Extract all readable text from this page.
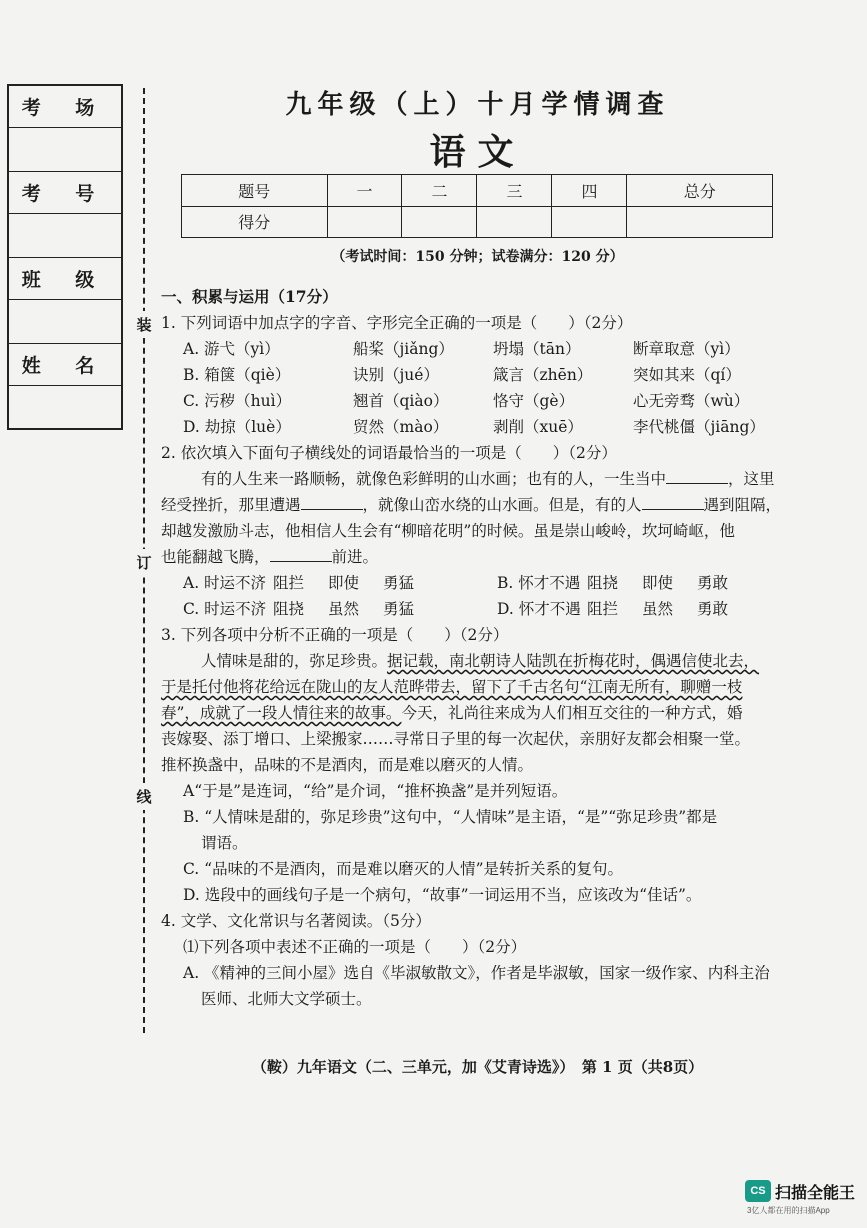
考 场
考 号
班 级
姓 名
装
订
线
九年级（上）十月学情调查
语文
题号	一	二	三	四	总分
得分					
（考试时间：150 分钟；试卷满分：120 分）
一、积累与运用（17分）
1. 下列词语中加点字的字音、字形完全正确的一项是（　　）（2分）
A. 游弋（yì）	船桨（jiǎng）	坍塌（tān）	断章取意（yì）
B. 箱箧（qiè）	诀别（jué）	箴言（zhēn）	突如其来（qí）
C. 污秽（huì）	翘首（qiào）	恪守（gè）	心无旁骛（wù）
D. 劫掠（luè）	贸然（mào）	剥削（xuē）	李代桃僵（jiāng）
2. 依次填入下面句子横线处的词语最恰当的一项是（　　）（2分）
有的人生来一路顺畅，就像色彩鲜明的山水画；也有的人，一生当中	，这里
经受挫折，那里遭遇	，就像山峦水绕的山水画。但是，有的人	遇到阻隔，
却越发激励斗志，他相信人生会有“柳暗花明”的时候。虽是崇山峻岭，坎坷崎岖，他
也能翻越飞腾，	前进。
A. 时运不济 阻拦	即使	勇猛	B. 怀才不遇 阻挠	即使	勇敢
C. 时运不济 阻挠	虽然	勇猛	D. 怀才不遇 阻拦	虽然	勇敢
3. 下列各项中分析不正确的一项是（　　）（2分）
人情味是甜的，弥足珍贵。据记载，南北朝诗人陆凯在折梅花时，偶遇信使北去，
于是托付他将花给远在陇山的友人范晔带去，留下了千古名句“江南无所有，聊赠一枝
春”，成就了一段人情往来的故事。今天，礼尚往来成为人们相互交往的一种方式，婚
丧嫁娶、添丁增口、上梁搬家……寻常日子里的每一次起伏，亲朋好友都会相聚一堂。
推杯换盏中，品味的不是酒肉，而是难以磨灭的人情。
A“于是”是连词，“给”是介词，“推杯换盏”是并列短语。
B. “人情味是甜的，弥足珍贵”这句中，“人情味”是主语，“是”“弥足珍贵”都是
谓语。
C. “品味的不是酒肉，而是难以磨灭的人情”是转折关系的复句。
D. 选段中的画线句子是一个病句，“故事”一词运用不当，应该改为“佳话”。
4. 文学、文化常识与名著阅读。（5分）
⑴下列各项中表述不正确的一项是（　　）（2分）
A. 《精神的三间小屋》选自《毕淑敏散文》，作者是毕淑敏，国家一级作家、内科主治
医师、北师大文学硕士。
（鞍）九年语文（二、三单元，加《艾青诗选》）　第 1 页（共8页）
CS 扫描全能王
3亿人都在用的扫描App
